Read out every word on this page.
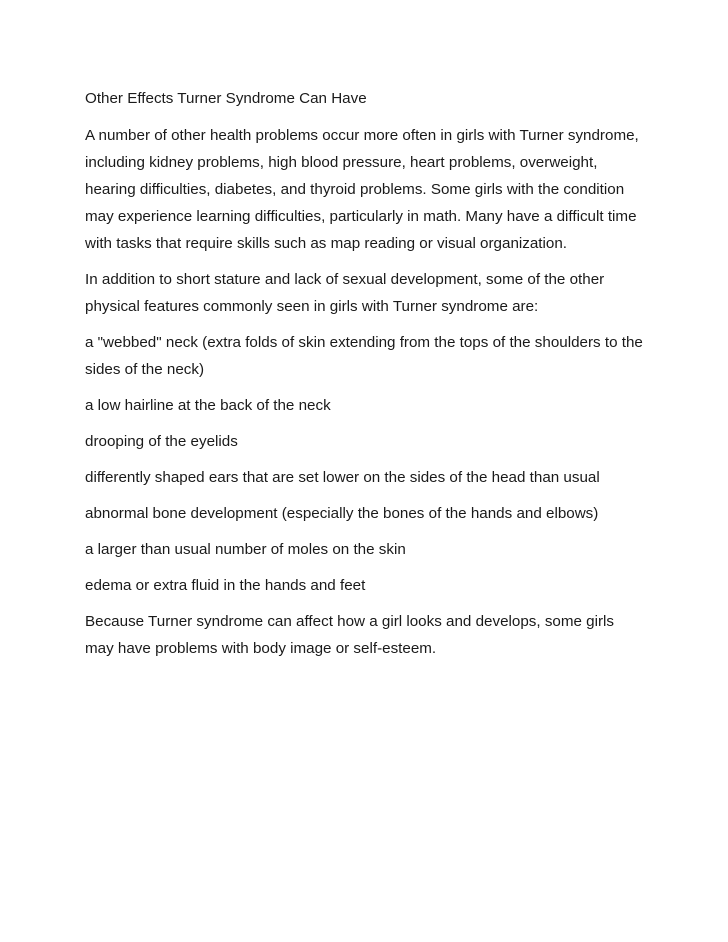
Other Effects Turner Syndrome Can Have

A number of other health problems occur more often in girls with Turner syndrome, including kidney problems, high blood pressure, heart problems, overweight, hearing difficulties, diabetes, and thyroid problems. Some girls with the condition may experience learning difficulties, particularly in math. Many have a difficult time with tasks that require skills such as map reading or visual organization.

In addition to short stature and lack of sexual development, some of the other physical features commonly seen in girls with Turner syndrome are:

a "webbed" neck (extra folds of skin extending from the tops of the shoulders to the sides of the neck)

a low hairline at the back of the neck

drooping of the eyelids

differently shaped ears that are set lower on the sides of the head than usual

abnormal bone development (especially the bones of the hands and elbows)

a larger than usual number of moles on the skin

edema or extra fluid in the hands and feet

Because Turner syndrome can affect how a girl looks and develops, some girls may have problems with body image or self-esteem.
